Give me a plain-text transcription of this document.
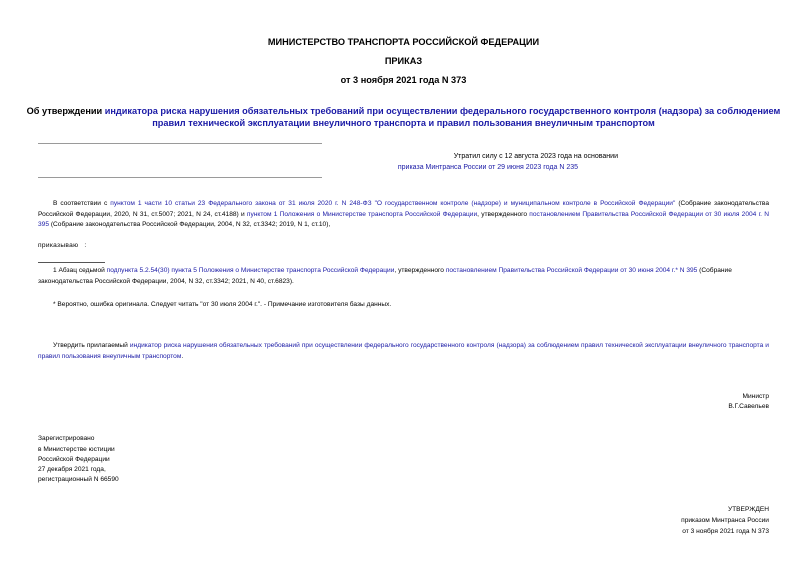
МИНИСТЕРСТВО ТРАНСПОРТА РОССИЙСКОЙ ФЕДЕРАЦИИ
ПРИКАЗ
от 3 ноября 2021 года N 373
Об утверждении индикатора риска нарушения обязательных требований при осуществлении федерального государственного контроля (надзора) за соблюдением
правил технической эксплуатации внеуличного транспорта и правил пользования внеуличным транспортом
Утратил силу с 12 августа 2023 года на основании
приказа Минтранса России от 29 июня 2023 года N 235
В соответствии с пунктом 1 части 10 статьи 23 Федерального закона от 31 июля 2020 г. N 248-ФЗ "О государственном контроле (надзоре) и муниципальном контроле в Российской Федерации" (Собрание законодательства Российской Федерации, 2020, N 31, ст.5007; 2021, N 24, ст.4188) и пунктом 1 Положения о Министерстве транспорта Российской Федерации, утвержденного постановлением Правительства Российской Федерации от 30 июля 2004 г. N 395 (Собрание законодательства Российской Федерации, 2004, N 32, ст.3342; 2019, N 1, ст.10),
приказываю :
1 Абзац седьмой подпункта 5.2.54(30) пункта 5 Положения о Министерстве транспорта Российской Федерации, утвержденного постановлением Правительства Российской Федерации от 30 июня 2004 г.* N 395 (Собрание законодательства Российской Федерации, 2004, N 32, ст.3342; 2021, N 40, ст.6823).
* Вероятно, ошибка оригинала. Следует читать "от 30 июля 2004 г.". - Примечание изготовителя базы данных.
Утвердить прилагаемый индикатор риска нарушения обязательных требований при осуществлении федерального государственного контроля (надзора) за соблюдением правил технической эксплуатации внеуличного транспорта и правил пользования внеуличным транспортом.
Министр
В.Г.Савельев
Зарегистрировано
в Министерстве юстиции
Российской Федерации
27 декабря 2021 года,
регистрационный N 66590
УТВЕРЖДЕН
приказом Минтранса России
от 3 ноября 2021 года N 373
